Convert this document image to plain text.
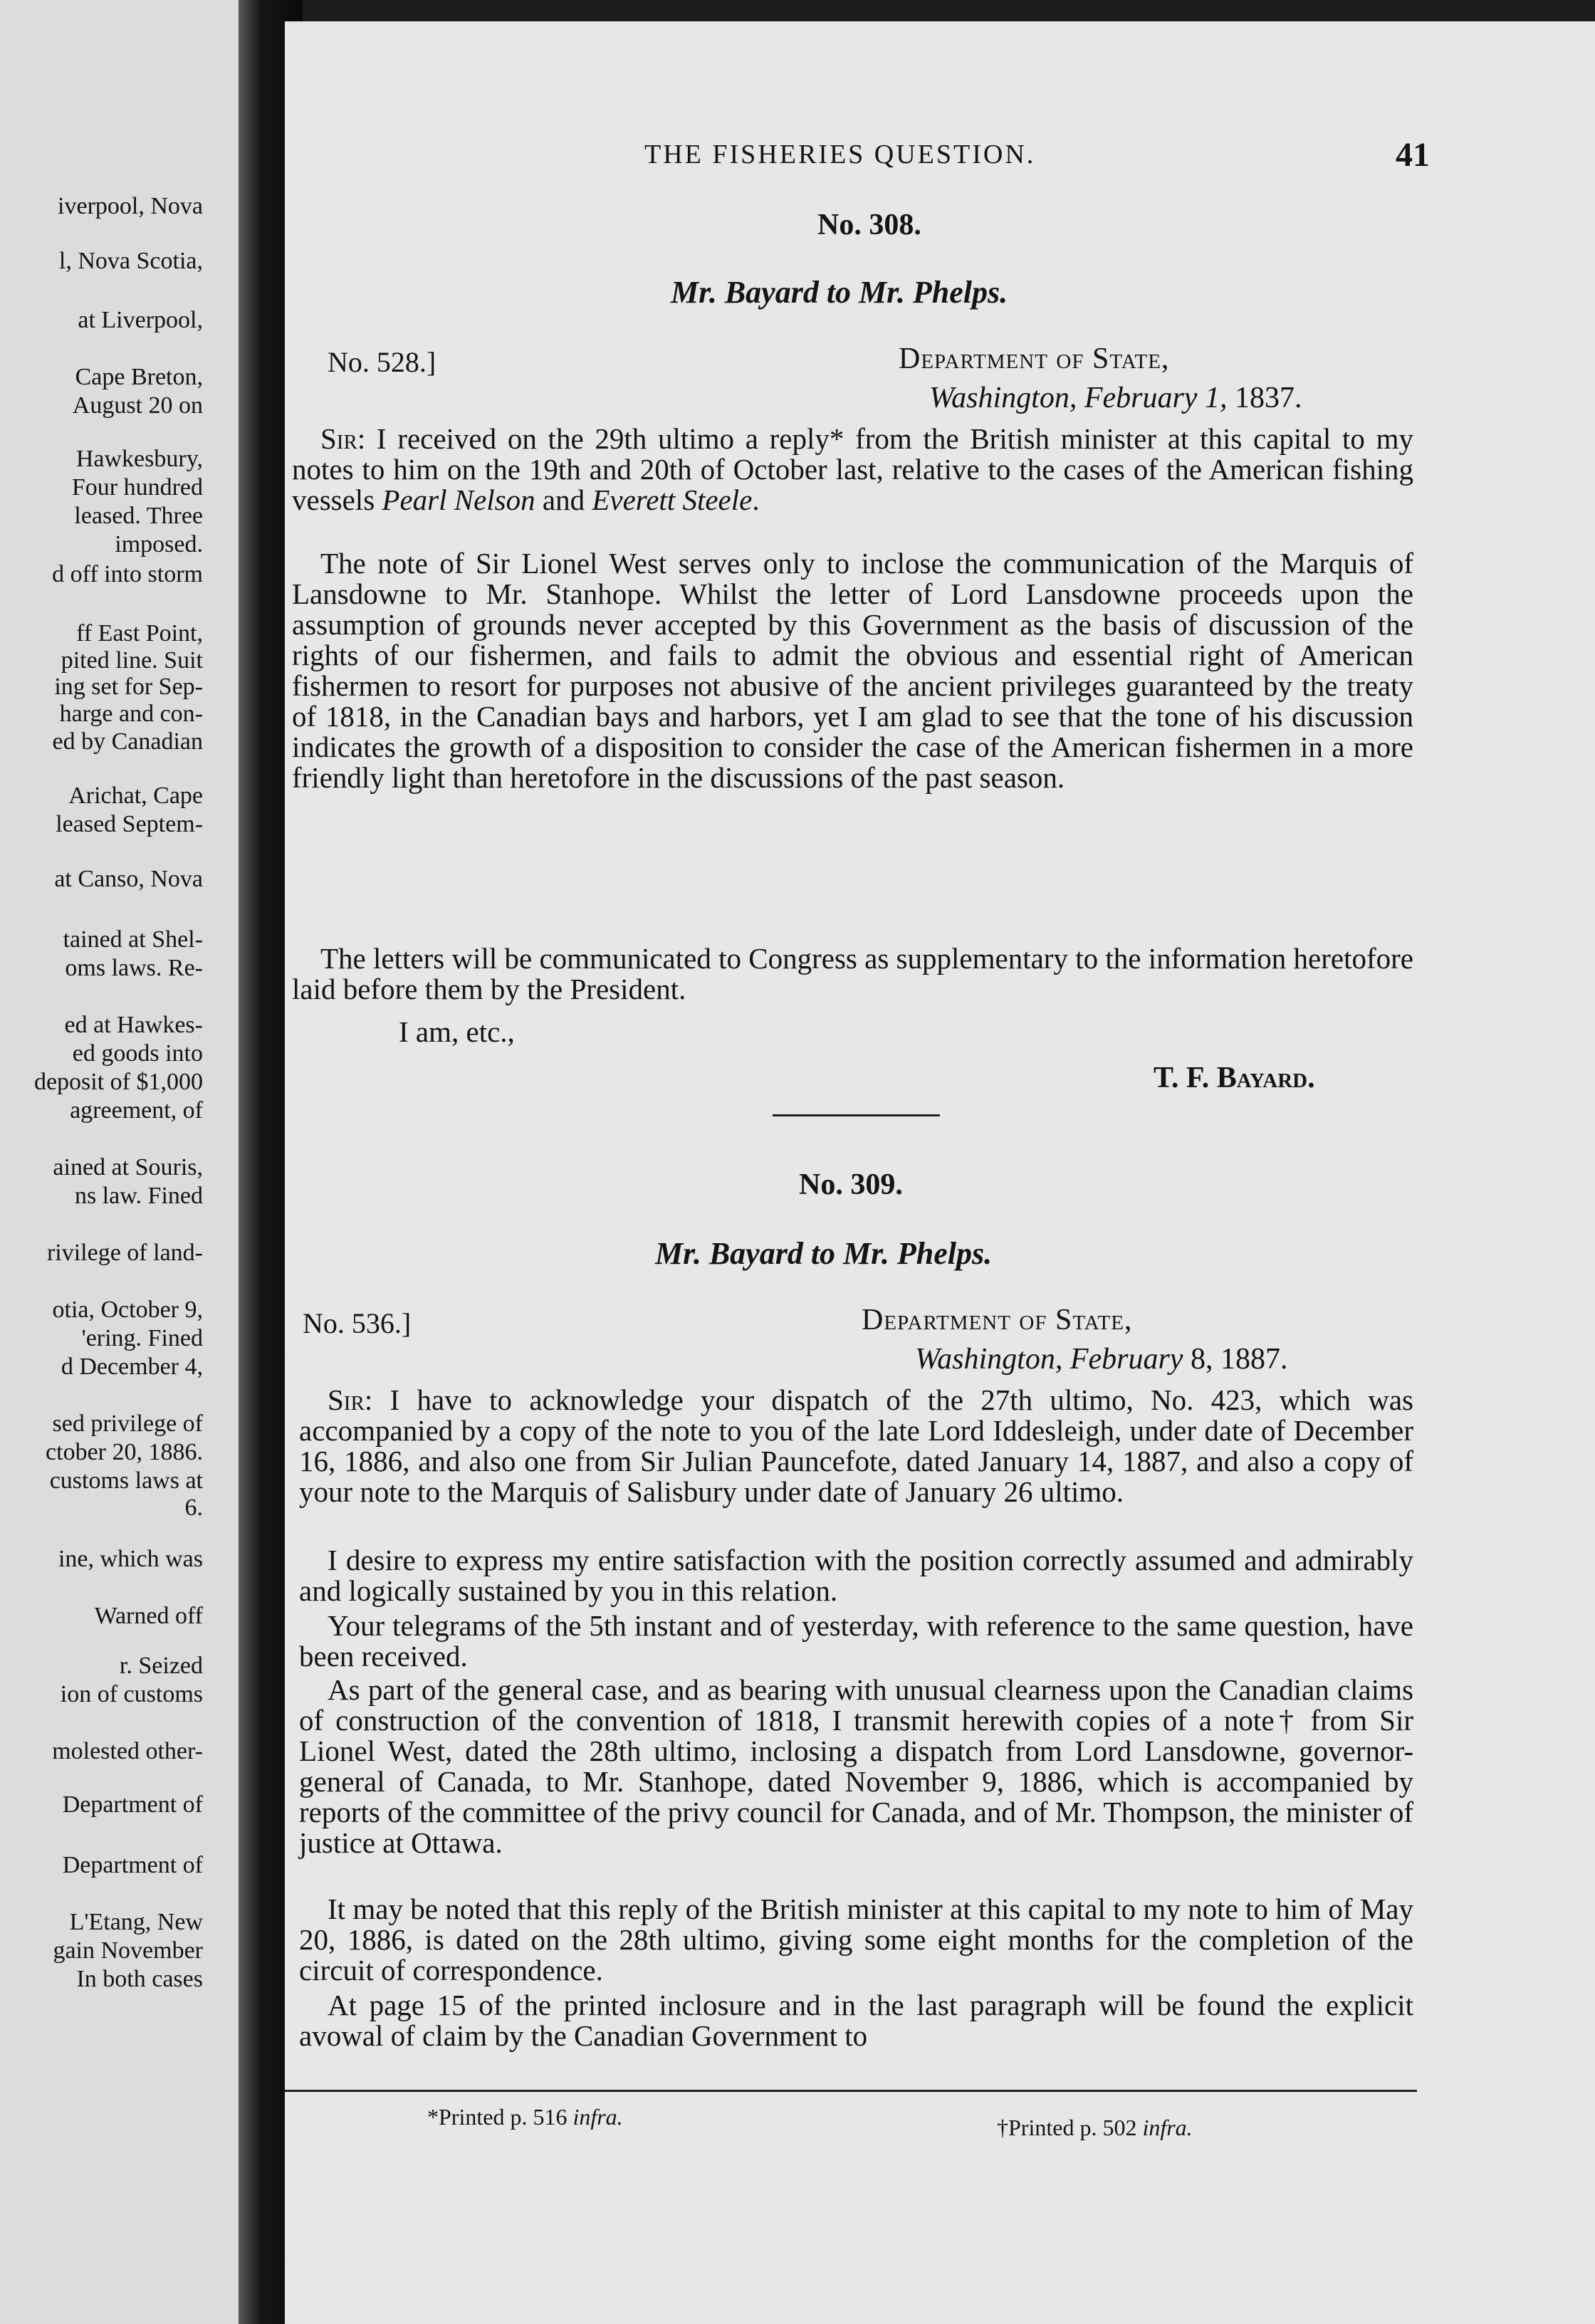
iverpool, Nova
l, Nova Scotia,
at Liverpool,
Cape Breton,
August 20 on
Hawkesbury,
Four hundred
leased. Three
imposed.
d off into storm
ff East Point,
pited line. Suit
ing set for Sep-
harge and con-
ed by Canadian
Arichat, Cape
leased Septem-
at Canso, Nova
tained at Shel-
oms laws. Re-
ed at Hawkes-
ed goods into
deposit of $1,000
agreement, of
ained at Souris,
ns law. Fined
rivilege of land-
otia, October 9,
'ering. Fined
d December 4,
sed privilege of
ctober 20, 1886.
customs laws at
6.
ine, which was
Warned off
r. Seized
ion of customs
molested other-
Department of
Department of
L'Etang, New
gain November
In both cases
THE FISHERIES QUESTION.	41
No. 308.
Mr. Bayard to Mr. Phelps.
No. 528.]	Department of State,
Washington, February 1, 1837.

Sir: I received on the 29th ultimo a reply* from the British minister at this capital to my notes to him on the 19th and 20th of October last, relative to the cases of the American fishing vessels Pearl Nelson and Everett Steele.

The note of Sir Lionel West serves only to inclose the communication of the Marquis of Lansdowne to Mr. Stanhope. Whilst the letter of Lord Lansdowne proceeds upon the assumption of grounds never accepted by this Government as the basis of discussion of the rights of our fishermen, and fails to admit the obvious and essential right of American fishermen to resort for purposes not abusive of the ancient privileges guaranteed by the treaty of 1818, in the Canadian bays and harbors, yet I am glad to see that the tone of his discussion indicates the growth of a disposition to consider the case of the American fishermen in a more friendly light than heretofore in the discussions of the past season.

The letters will be communicated to Congress as supplementary to the information heretofore laid before them by the President.

I am, etc.,
T. F. Bayard.
No. 309.
Mr. Bayard to Mr. Phelps.
No. 536.]	Department of State,
Washington, February 8, 1887.

Sir: I have to acknowledge your dispatch of the 27th ultimo, No. 423, which was accompanied by a copy of the note to you of the late Lord Iddesleigh, under date of December 16, 1886, and also one from Sir Julian Pauncefote, dated January 14, 1887, and also a copy of your note to the Marquis of Salisbury under date of January 26 ultimo.

I desire to express my entire satisfaction with the position correctly assumed and admirably and logically sustained by you in this relation.

Your telegrams of the 5th instant and of yesterday, with reference to the same question, have been received.

As part of the general case, and as bearing with unusual clearness upon the Canadian claims of construction of the convention of 1818, I transmit herewith copies of a note† from Sir Lionel West, dated the 28th ultimo, inclosing a dispatch from Lord Lansdowne, governor-general of Canada, to Mr. Stanhope, dated November 9, 1886, which is accompanied by reports of the committee of the privy council for Canada, and of Mr. Thompson, the minister of justice at Ottawa.

It may be noted that this reply of the British minister at this capital to my note to him of May 20, 1886, is dated on the 28th ultimo, giving some eight months for the completion of the circuit of correspondence.

At page 15 of the printed inclosure and in the last paragraph will be found the explicit avowal of claim by the Canadian Government to

*Printed p. 516 infra.	†Printed p. 502 infra.
